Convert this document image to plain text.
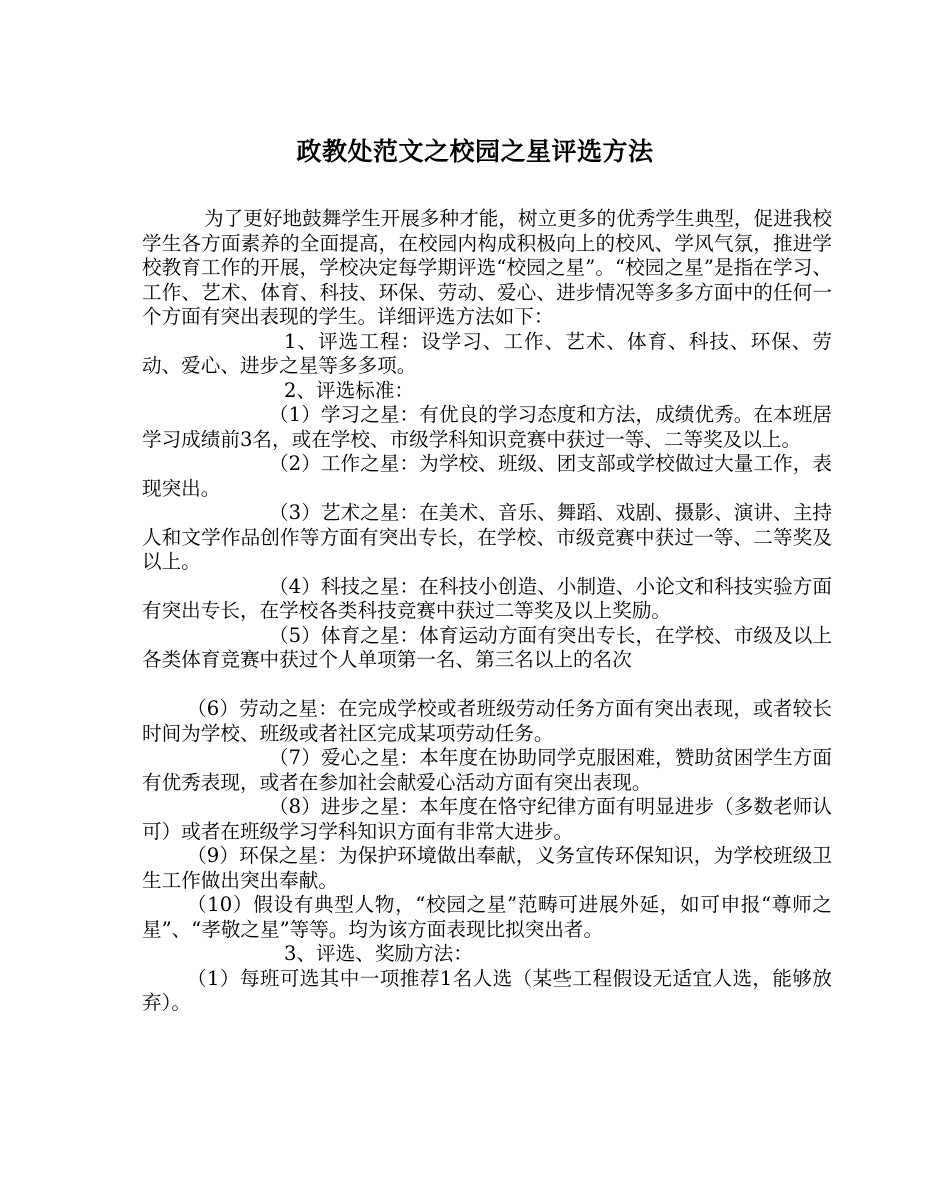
政教处范文之校园之星评选方法

为了更好地鼓舞学生开展多种才能，树立更多的优秀学生典型，促进我校学生各方面素养的全面提高，在校园内构成积极向上的校风、学风气氛，推进学校教育工作的开展，学校决定每学期评选“校园之星”。“校园之星”是指在学习、工作、艺术、体育、科技、环保、劳动、爱心、进步情况等多多方面中的任何一个方面有突出表现的学生。详细评选方法如下：

1、评选工程：设学习、工作、艺术、体育、科技、环保、劳动、爱心、进步之星等多多项。

2、评选标准：

（1）学习之星：有优良的学习态度和方法，成绩优秀。在本班居学习成绩前3名，或在学校、市级学科知识竞赛中获过一等、二等奖及以上。

（2）工作之星：为学校、班级、团支部或学校做过大量工作，表现突出。

（3）艺术之星：在美术、音乐、舞蹈、戏剧、摄影、演讲、主持人和文学作品创作等方面有突出专长，在学校、市级竞赛中获过一等、二等奖及以上。

（4）科技之星：在科技小创造、小制造、小论文和科技实验方面有突出专长，在学校各类科技竞赛中获过二等奖及以上奖励。

（5）体育之星：体育运动方面有突出专长，在学校、市级及以上各类体育竞赛中获过个人单项第一名、第三名以上的名次

（6）劳动之星：在完成学校或者班级劳动任务方面有突出表现，或者较长时间为学校、班级或者社区完成某项劳动任务。

（7）爱心之星：本年度在协助同学克服困难，赞助贫困学生方面有优秀表现，或者在参加社会献爱心活动方面有突出表现。

（8）进步之星：本年度在恪守纪律方面有明显进步（多数老师认可）或者在班级学习学科知识方面有非常大进步。

（9）环保之星：为保护环境做出奉献，义务宣传环保知识，为学校班级卫生工作做出突出奉献。

（10）假设有典型人物，“校园之星”范畴可进展外延，如可申报“尊师之星”、“孝敬之星”等等。均为该方面表现比拟突出者。

3、评选、奖励方法：

（1）每班可选其中一项推荐1名人选（某些工程假设无适宜人选，能够放弃）。
